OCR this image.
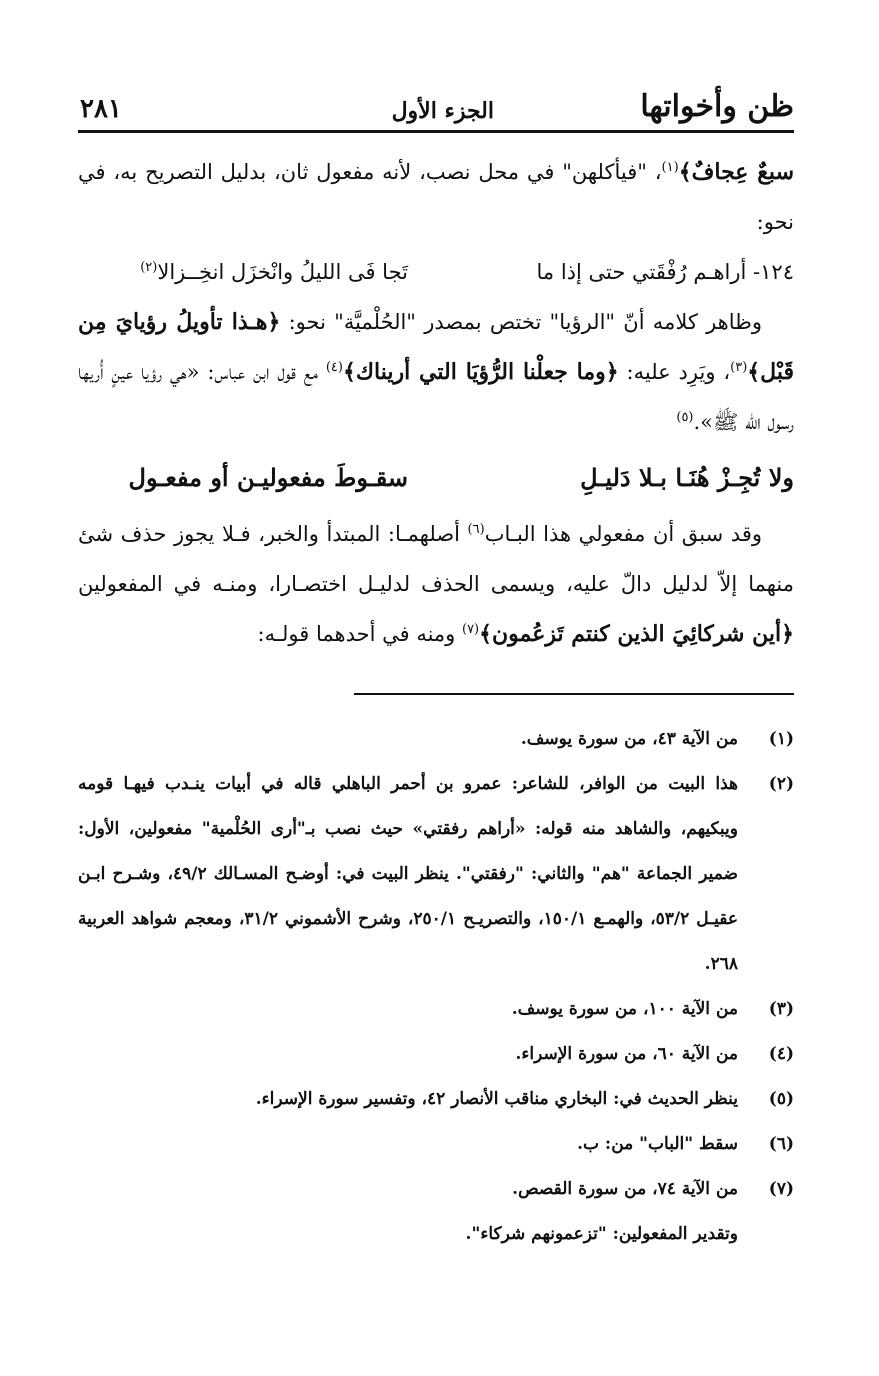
ظن وأخواتها
الجزء الأول
٢٨١

سبعٌ عِجافٌ﴾$^{(١)}$، "فيأكلهن" في محل نصب، لأنه مفعول ثان، بدليل التصريح به، في نحو:

١٢٤- أراهـم رُفْقَتي حتى إذا ما
تَجا فَى الليلُ وانْخزَل انخِــزالا$^{(٢)}$

وظاهر كلامه أنّ "الرؤيا" تختص بمصدر "الحُلْميَّة" نحو: ﴿هـذا تأويلُ رؤيايَ مِن قَبْل﴾$^{(٣)}$، ويَرِد عليه: ﴿وما جعلْنا الرُّؤيَا التي أريناك﴾$^{(٤)}$ مع قول ابن عباس: «هي رؤيا عينٍ أُريها رسول الله ﷺ».$^{(٥)}$

ولا تُجِـزْ هُنَـا بـلا دَليـلِ
سقـوطَ مفعوليـن أو مفعـول

وقد سبق أن مفعولي هذا البـاب$^{(٦)}$ أصلهمـا: المبتدأ والخبر، فـلا يجوز حذف شئ منهما إلاّ لدليل دالّ عليه، ويسمى الحذف لدليـل اختصـارا، ومنـه في المفعولين ﴿أين شركائِيَ الذين كنتم تَزعُمون﴾$^{(٧)}$ ومنه في أحدهما قولـه:

(١)
من الآية ٤٣، من سورة يوسف.
(٢)
هذا البيت من الوافر، للشاعر: عمرو بن أحمر الباهلي قاله في أبيات ينـدب فيهـا قومه ويبكيهم، والشاهد منه قوله: «أراهم رفقتي» حيث نصب بـ"أرى الحُلْمية" مفعولين، الأول: ضمير الجماعة "هم" والثاني: "رفقتي". ينظر البيت في: أوضـح المسـالك ٤٩/٢، وشـرح ابـن عقيـل ٥٣/٢، والهمـع ١٥٠/١، والتصريـح ٢٥٠/١، وشرح الأشموني ٣١/٢، ومعجم شواهد العربية ٢٦٨.
(٣)
من الآية ١٠٠، من سورة يوسف.
(٤)
من الآية ٦٠، من سورة الإسراء.
(٥)
ينظر الحديث في: البخاري مناقب الأنصار ٤٢، وتفسير سورة الإسراء.
(٦)
سقط "الباب" من: ب.
(٧)
من الآية ٧٤، من سورة القصص.
وتقدير المفعولين: "تزعمونهم شركاء".
